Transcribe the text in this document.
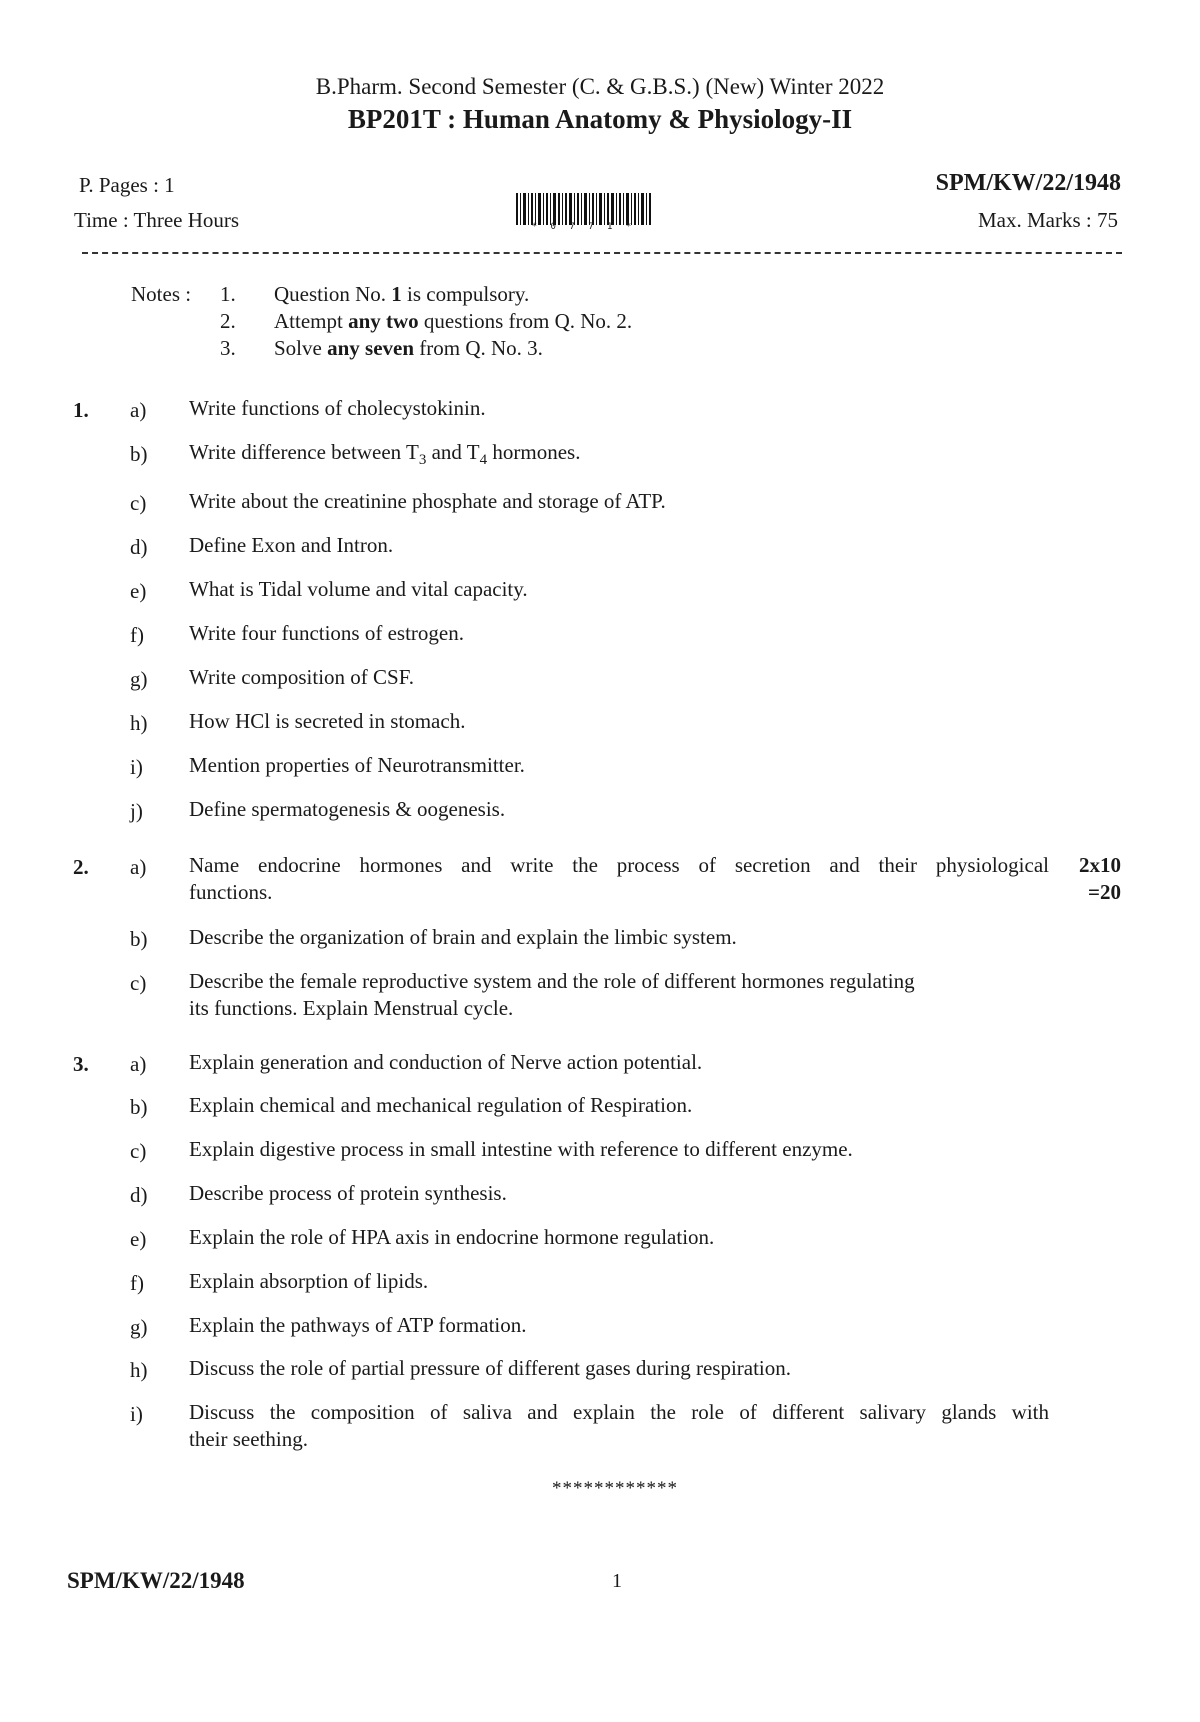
B.Pharm. Second Semester (C. & G.B.S.) (New) Winter 2022
BP201T : Human Anatomy & Physiology-II
P. Pages : 1
Time : Three Hours
SPM/KW/22/1948
Max. Marks : 75
* 0 7 7 1 *
Notes : 1. Question No. 1 is compulsory.
2. Attempt any two questions from Q. No. 2.
3. Solve any seven from Q. No. 3.
1. a) Write functions of cholecystokinin.
b) Write difference between $T_3$ and $T_4$ hormones.
c) Write about the creatinine phosphate and storage of ATP.
d) Define Exon and Intron.
e) What is Tidal volume and vital capacity.
f) Write four functions of estrogen.
g) Write composition of CSF.
h) How HCl is secreted in stomach.
i) Mention properties of Neurotransmitter.
j) Define spermatogenesis & oogenesis.
2.	2x10
=20
a) Name endocrine hormones and write the process of secretion and their physiological
functions.
b) Describe the organization of brain and explain the limbic system.
c) Describe the female reproductive system and the role of different hormones regulating
its functions. Explain Menstrual cycle.
3. a) Explain generation and conduction of Nerve action potential.
b) Explain chemical and mechanical regulation of Respiration.
c) Explain digestive process in small intestine with reference to different enzyme.
d) Describe process of protein synthesis.
e) Explain the role of HPA axis in endocrine hormone regulation.
f) Explain absorption of lipids.
g) Explain the pathways of ATP formation.
h) Discuss the role of partial pressure of different gases during respiration.
i) Discuss the composition of saliva and explain the role of different salivary glands with
their seething.
************
SPM/KW/22/1948	1
